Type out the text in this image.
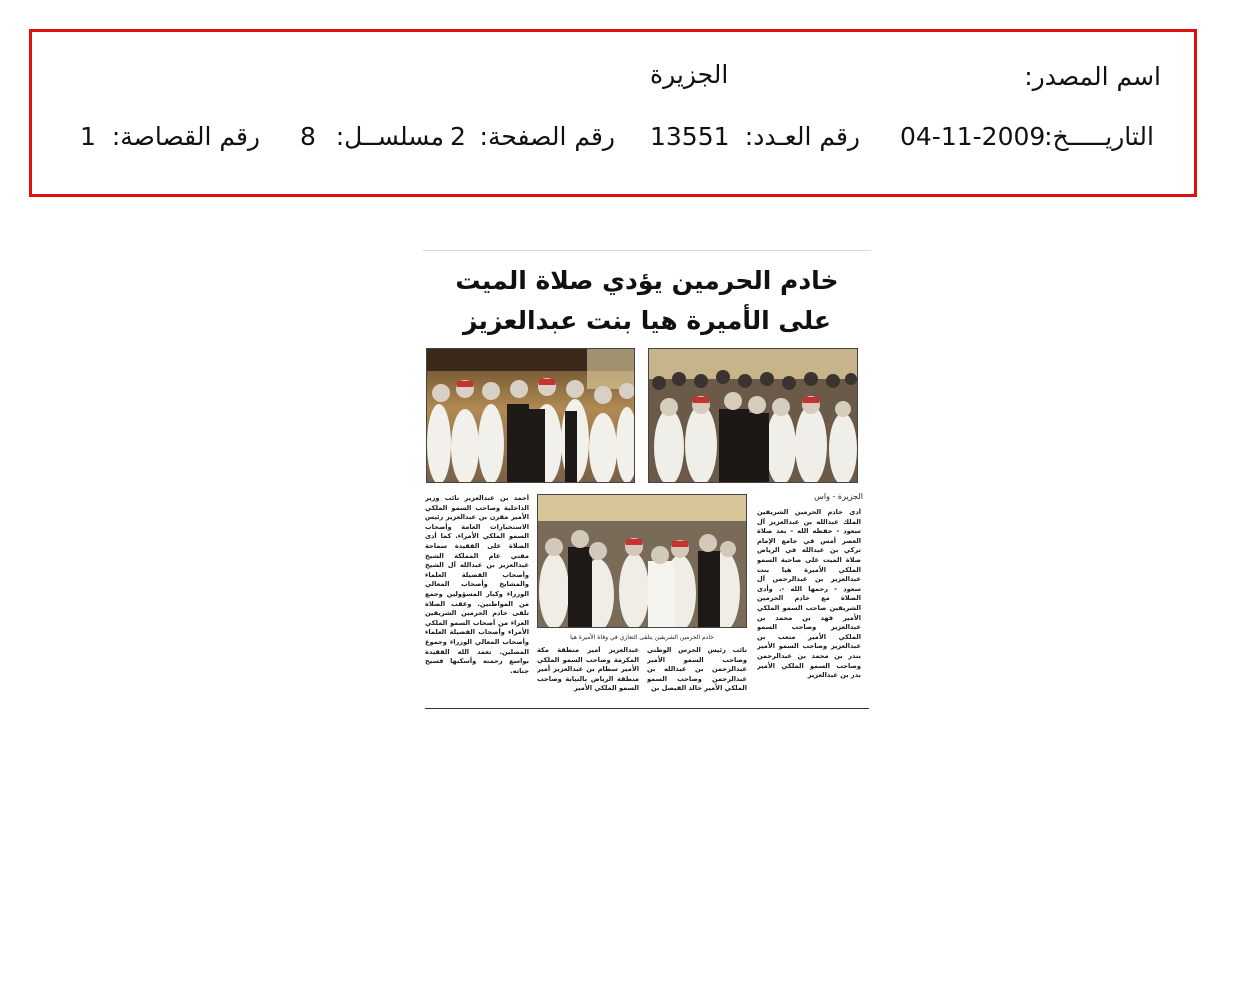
اسم المصدر:
الجزيرة
التاريـــــخ:
04-11-2009
رقم العـدد:
13551
رقم الصفحة:
2
مسلســل:
8
رقم القصاصة:
1
خادم الحرمين يؤدي صلاة الميت
على الأميرة هيا بنت عبدالعزيز
الجزيرة - واس
خادم الحرمين الشريفين يتلقى التعازي في وفاة الأميرة هيا
أدى خادم الحرمين الشريفين الملك عبدالله بن عبدالعزيز آل سعود - حفظه الله - بعد صلاة العصر أمس في جامع الإمام تركي بن عبدالله في الرياض صلاة الميت على صاحبة السمو الملكي الأميرة هيا بنت عبدالعزيز بن عبدالرحمن آل سعود - رحمها الله -. وأدى الصلاة مع خادم الحرمين الشريفين صاحب السمو الملكي الأمير فهد بن محمد بن عبدالعزيز وصاحب السمو الملكي الأمير متعب بن عبدالعزيز وصاحب السمو الأمير بندر بن محمد بن عبدالرحمن وصاحب السمو الملكي الأمير بدر بن عبدالعزيز
نائب رئيس الحرس الوطني وصاحب السمو الأمير عبدالرحمن بن عبدالله بن عبدالرحمن وصاحب السمو الملكي الأمير خالد الفيصل بن
عبدالعزيز أمير منطقة مكة المكرمة وصاحب السمو الملكي الأمير سطام بن عبدالعزيز أمير منطقة الرياض بالنيابة وصاحب السمو الملكي الأمير
أحمد بن عبدالعزيز نائب وزير الداخلية وصاحب السمو الملكي الأمير مقرن بن عبدالعزيز رئيس الاستخبارات العامة وأصحاب السمو الملكي الأمراء. كما أدى الصلاة على الفقيدة سماحة مفتي عام المملكة الشيخ عبدالعزيز بن عبدالله آل الشيخ وأصحاب الفضيلة العلماء والمشايخ وأصحاب المعالي الوزراء وكبار المسؤولين وجمع من المواطنين. وعقب الصلاة تلقى خادم الحرمين الشريفين العزاء من أصحاب السمو الملكي الأمراء وأصحاب الفضيلة العلماء وأصحاب المعالي الوزراء وجموع المصلين. تغمد الله الفقيدة بواسع رحمته وأسكنها فسيح جناته.
